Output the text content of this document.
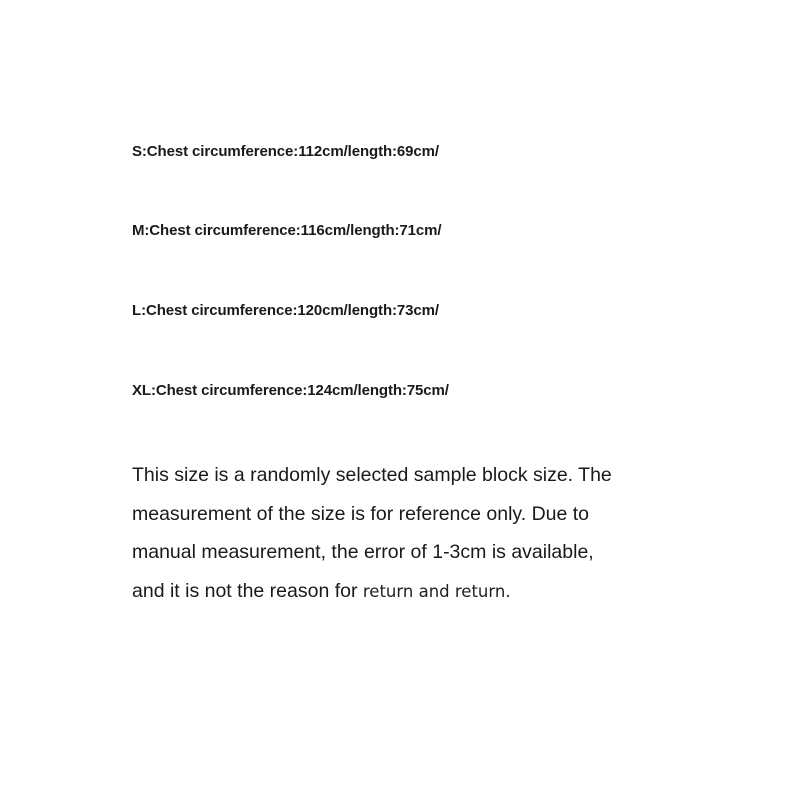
S:Chest circumference:112cm/length:69cm/
M:Chest circumference:116cm/length:71cm/
L:Chest circumference:120cm/length:73cm/
XL:Chest circumference:124cm/length:75cm/
This size is a randomly selected sample block size. The
measurement of the size is for reference only. Due to
manual measurement, the error of 1-3cm is available,
and it is not the reason for return and return.
